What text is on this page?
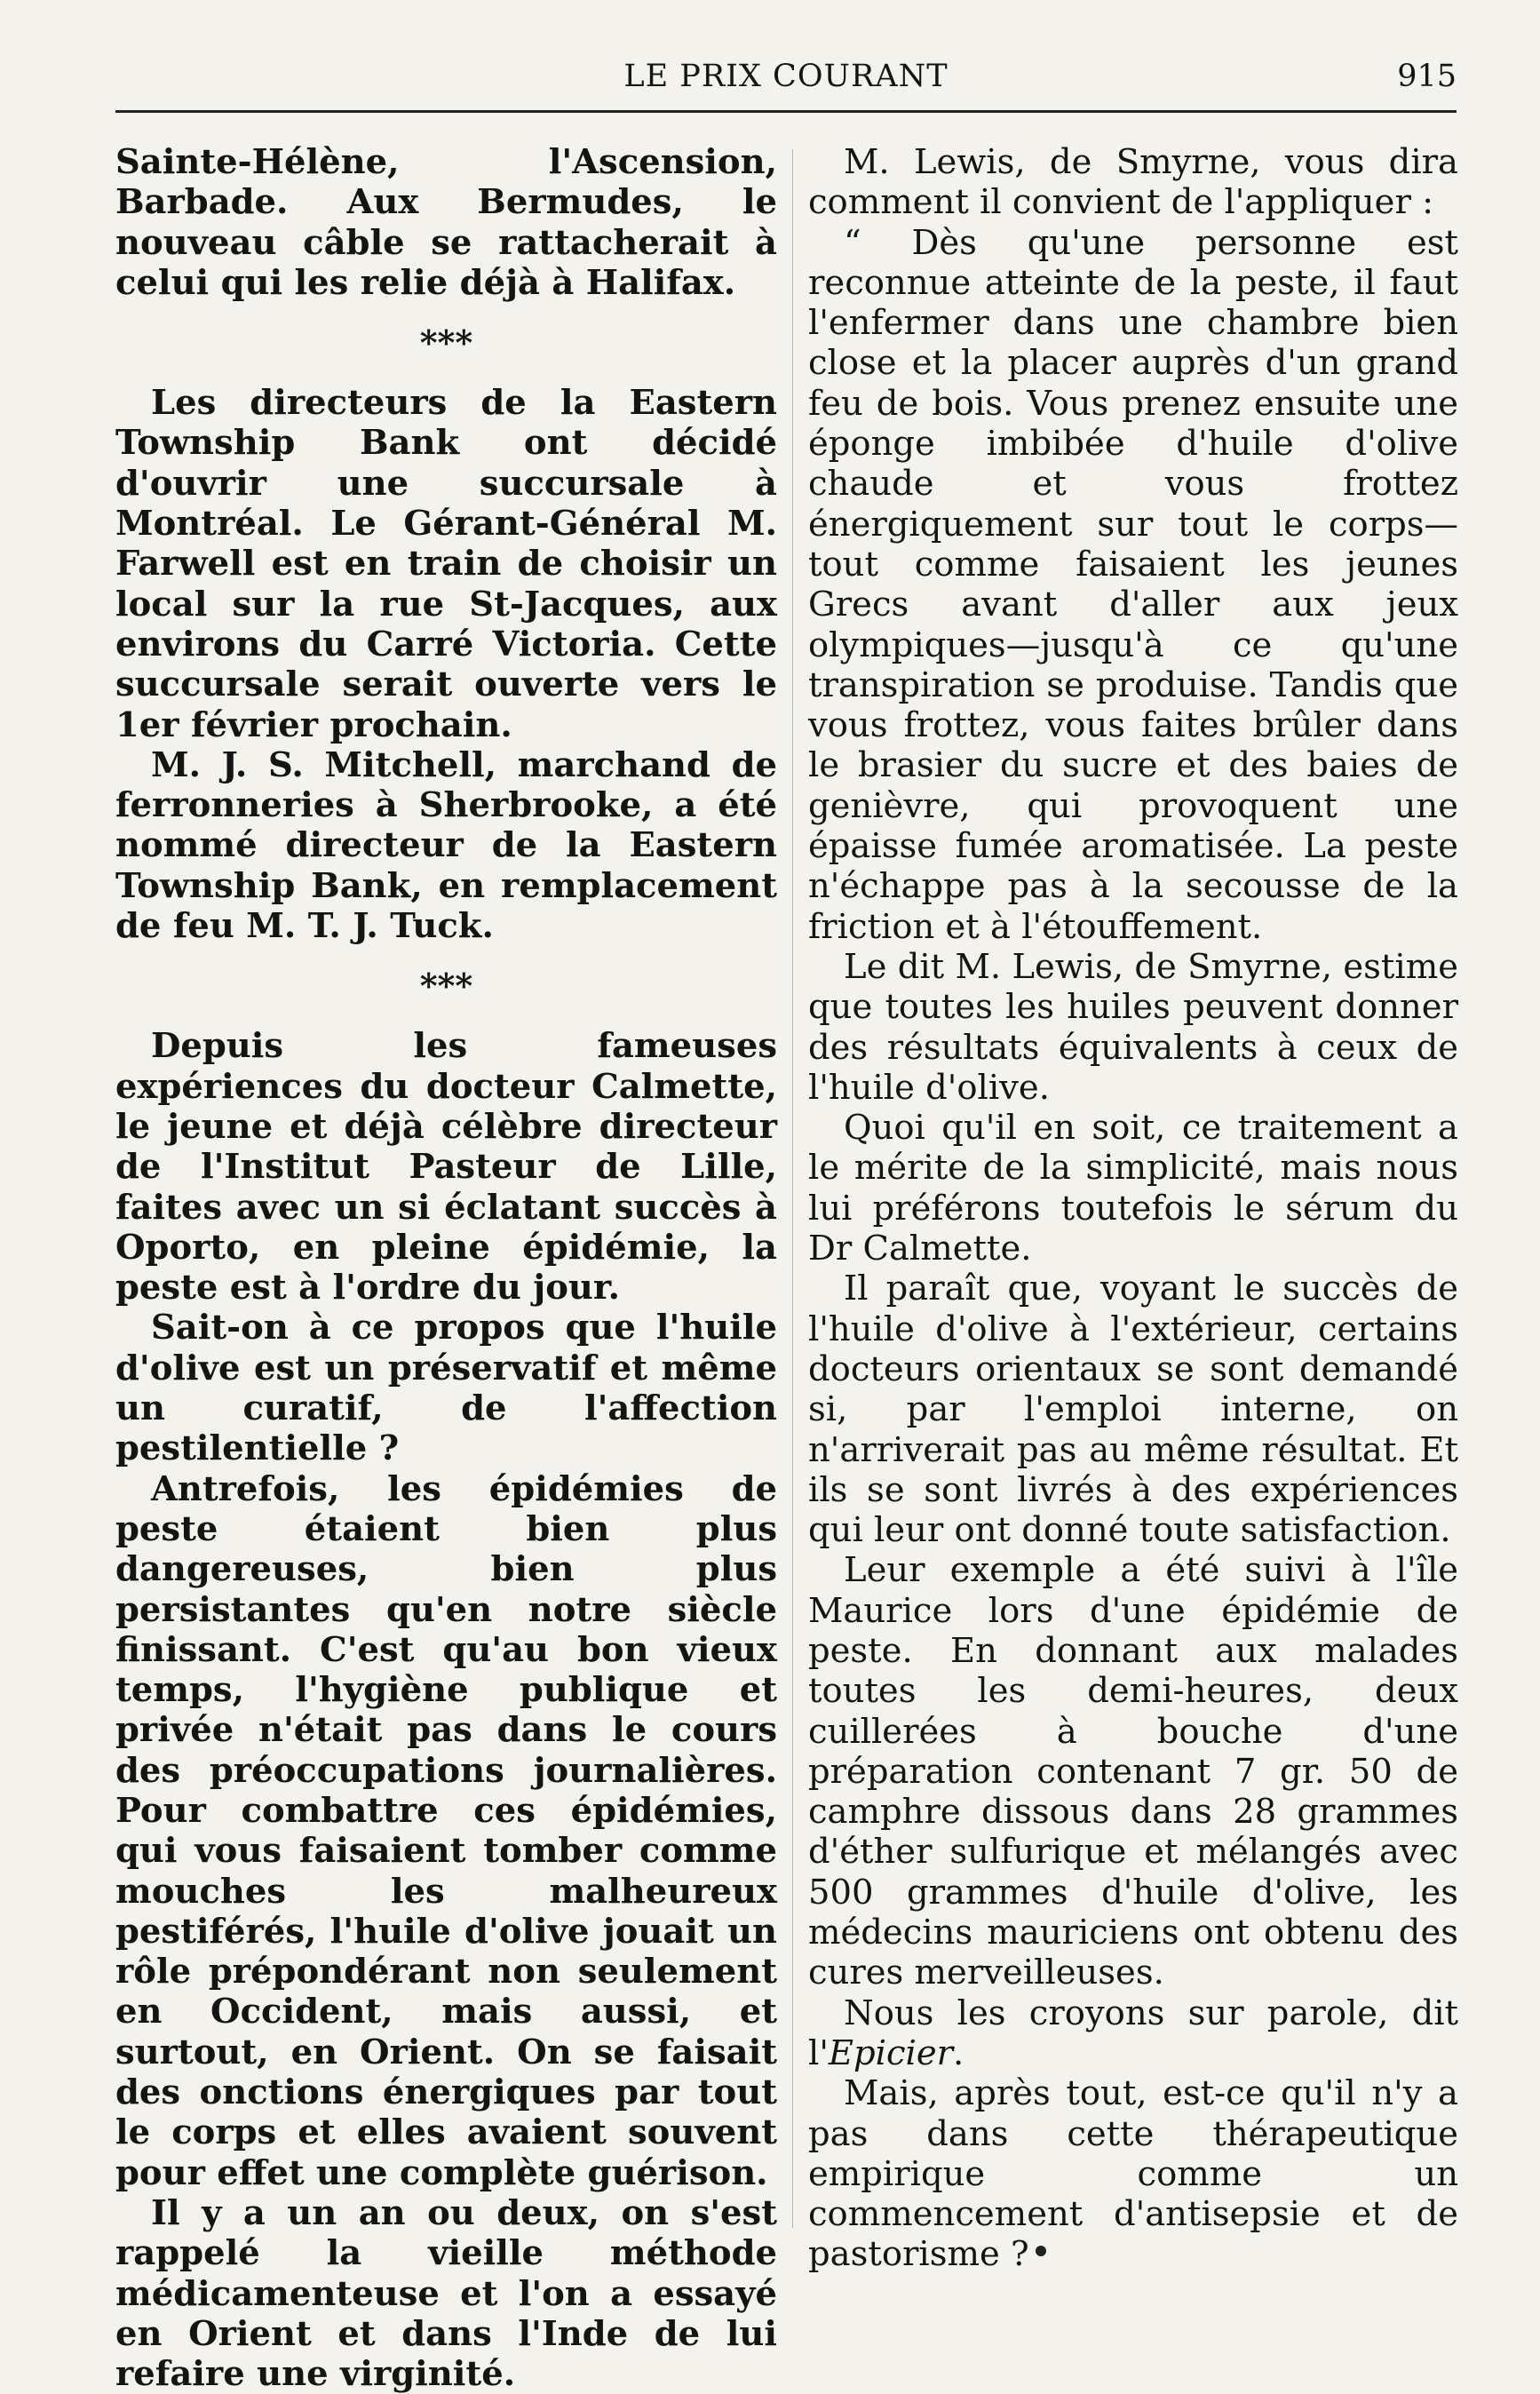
LE PRIX COURANT	915

Sainte-Hélène, l'Ascension, Barbade. Aux Bermudes, le nouveau câble se rattacherait à celui qui les relie déjà à Halifax.

***

Les directeurs de la Eastern Township Bank ont décidé d'ouvrir une succursale à Montréal. Le Gérant-Général M. Farwell est en train de choisir un local sur la rue St-Jacques, aux environs du Carré Victoria. Cette succursale serait ouverte vers le 1er février prochain.

M. J. S. Mitchell, marchand de ferronneries à Sherbrooke, a été nommé directeur de la Eastern Township Bank, en remplacement de feu M. T. J. Tuck.

***

Depuis les fameuses expériences du docteur Calmette, le jeune et déjà célèbre directeur de l'Institut Pasteur de Lille, faites avec un si éclatant succès à Oporto, en pleine épidémie, la peste est à l'ordre du jour.

Sait-on à ce propos que l'huile d'olive est un préservatif et même un curatif, de l'affection pestilentielle ?

Antrefois, les épidémies de peste étaient bien plus dangereuses, bien plus persistantes qu'en notre siècle finissant. C'est qu'au bon vieux temps, l'hygiène publique et privée n'était pas dans le cours des préoccupations journalières. Pour combattre ces épidémies, qui vous faisaient tomber comme mouches les malheureux pestiférés, l'huile d'olive jouait un rôle prépondérant non seulement en Occident, mais aussi, et surtout, en Orient. On se faisait des onctions énergiques par tout le corps et elles avaient souvent pour effet une complète guérison.

Il y a un an ou deux, on s'est rappelé la vieille méthode médicamenteuse et l'on a essayé en Orient et dans l'Inde de lui refaire une virginité.

M. Lewis, de Smyrne, vous dira comment il convient de l'appliquer :

“ Dès qu'une personne est reconnue atteinte de la peste, il faut l'enfermer dans une chambre bien close et la placer auprès d'un grand feu de bois. Vous prenez ensuite une éponge imbibée d'huile d'olive chaude et vous frottez énergiquement sur tout le corps—tout comme faisaient les jeunes Grecs avant d'aller aux jeux olympiques—jusqu'à ce qu'une transpiration se produise. Tandis que vous frottez, vous faites brûler dans le brasier du sucre et des baies de genièvre, qui provoquent une épaisse fumée aromatisée. La peste n'échappe pas à la secousse de la friction et à l'étouffement.

Le dit M. Lewis, de Smyrne, estime que toutes les huiles peuvent donner des résultats équivalents à ceux de l'huile d'olive.

Quoi qu'il en soit, ce traitement a le mérite de la simplicité, mais nous lui préférons toutefois le sérum du Dr Calmette.

Il paraît que, voyant le succès de l'huile d'olive à l'extérieur, certains docteurs orientaux se sont demandé si, par l'emploi interne, on n'arriverait pas au même résultat. Et ils se sont livrés à des expériences qui leur ont donné toute satisfaction.

Leur exemple a été suivi à l'île Maurice lors d'une épidémie de peste. En donnant aux malades toutes les demi-heures, deux cuillerées à bouche d'une préparation contenant 7 gr. 50 de camphre dissous dans 28 grammes d'éther sulfurique et mélangés avec 500 grammes d'huile d'olive, les médecins mauriciens ont obtenu des cures merveilleuses.

Nous les croyons sur parole, dit l'Epicier.

Mais, après tout, est-ce qu'il n'y a pas dans cette thérapeutique empirique comme un commencement d'antisepsie et de pastorisme ?
